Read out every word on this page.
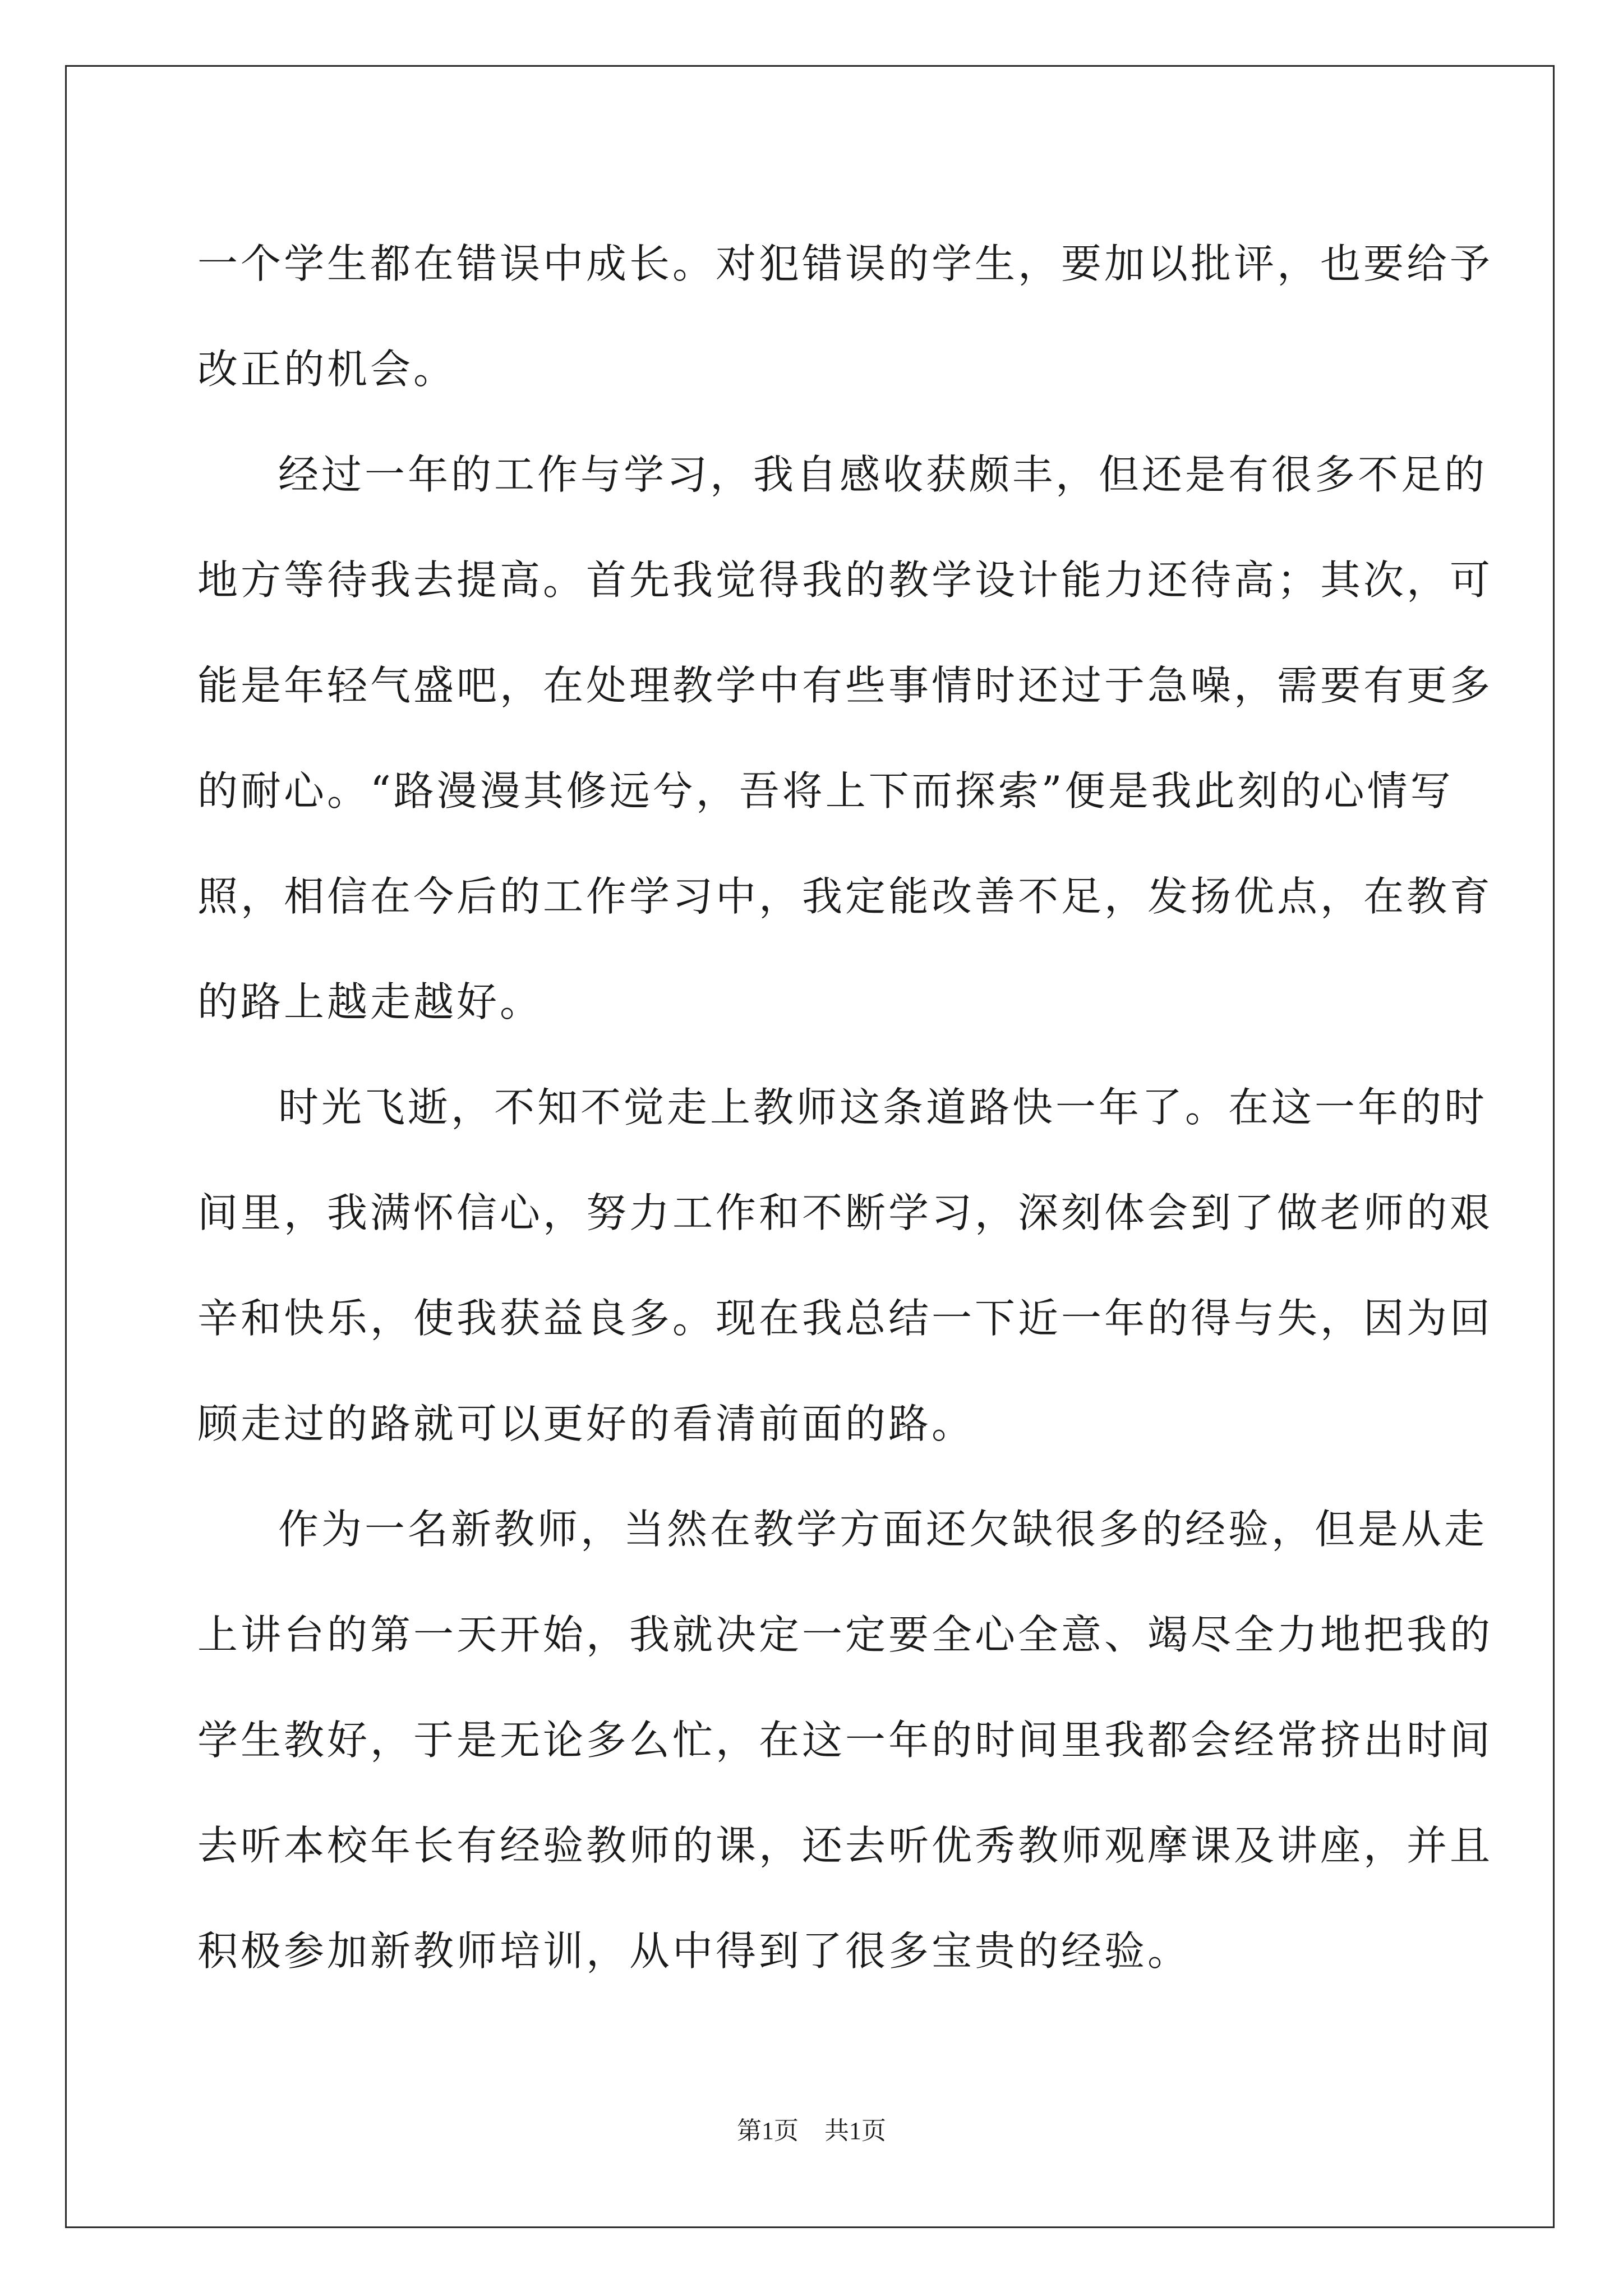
一个学生都在错误中成长。对犯错误的学生，要加以批评，也要给予
改正的机会。
经过一年的工作与学习，我自感收获颇丰，但还是有很多不足的
地方等待我去提高。首先我觉得我的教学设计能力还待高；其次，可
能是年轻气盛吧，在处理教学中有些事情时还过于急噪，需要有更多
的耐心。“路漫漫其修远兮，吾将上下而探索”便是我此刻的心情写
照，相信在今后的工作学习中，我定能改善不足，发扬优点，在教育
的路上越走越好。
时光飞逝，不知不觉走上教师这条道路快一年了。在这一年的时
间里，我满怀信心，努力工作和不断学习，深刻体会到了做老师的艰
辛和快乐，使我获益良多。现在我总结一下近一年的得与失，因为回
顾走过的路就可以更好的看清前面的路。
作为一名新教师，当然在教学方面还欠缺很多的经验，但是从走
上讲台的第一天开始，我就决定一定要全心全意、竭尽全力地把我的
学生教好，于是无论多么忙，在这一年的时间里我都会经常挤出时间
去听本校年长有经验教师的课，还去听优秀教师观摩课及讲座，并且
积极参加新教师培训，从中得到了很多宝贵的经验。
第1页 共1页
